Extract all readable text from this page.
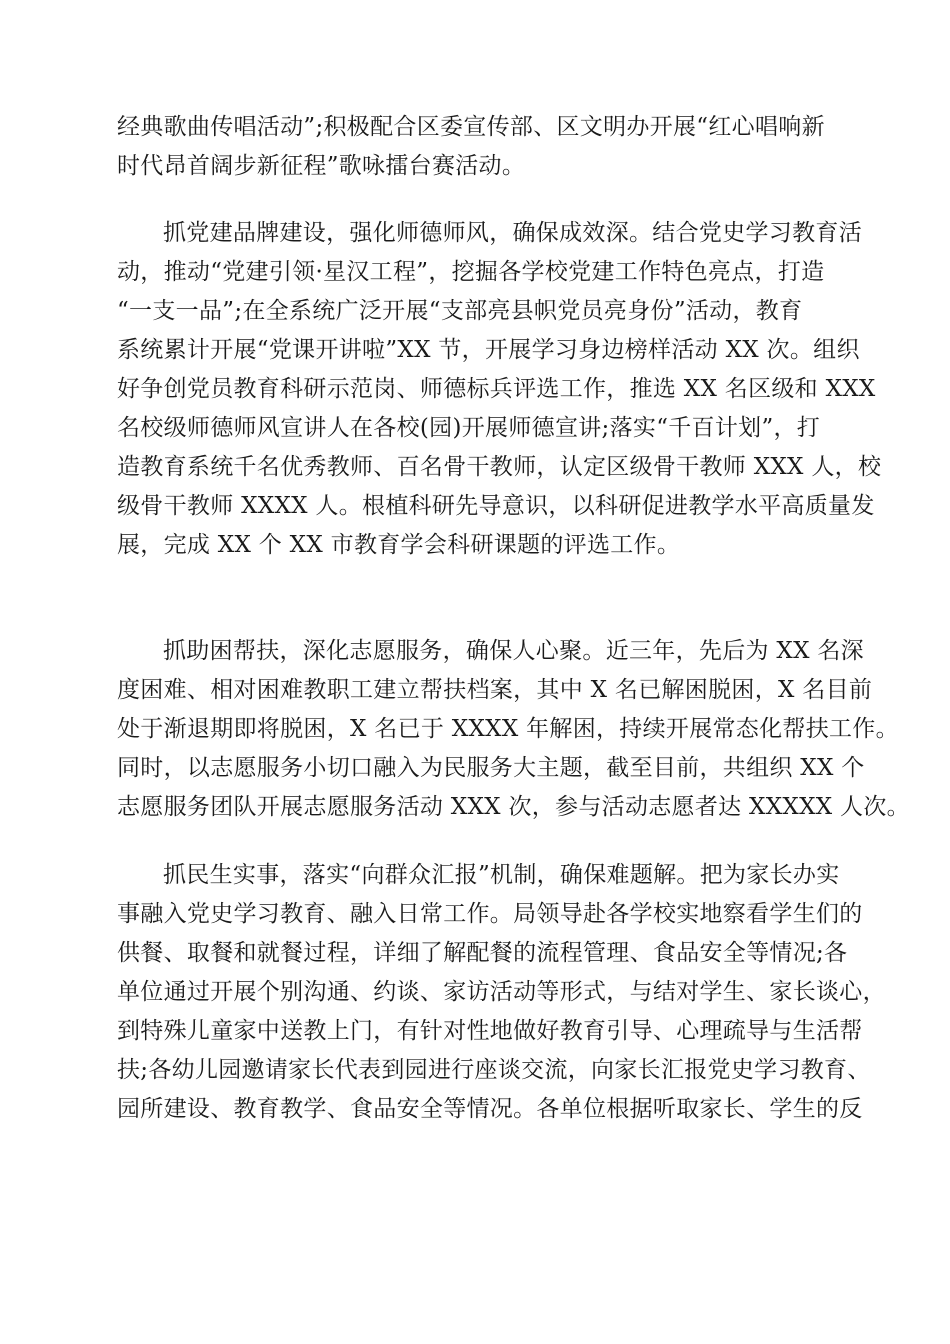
经典歌曲传唱活动”;积极配合区委宣传部、区文明办开展“红心唱响新
时代昂首阔步新征程”歌咏擂台赛活动。
抓党建品牌建设，强化师德师风，确保成效深。结合党史学习教育活
动，推动“党建引领·星汉工程”，挖掘各学校党建工作特色亮点，打造
“一支一品”;在全系统广泛开展“支部亮县帜党员亮身份”活动，教育
系统累计开展“党课开讲啦”XX 节，开展学习身边榜样活动 XX 次。组织
好争创党员教育科研示范岗、师德标兵评选工作，推选 XX 名区级和 XXX
名校级师德师风宣讲人在各校(园)开展师德宣讲;落实“千百计划”，打
造教育系统千名优秀教师、百名骨干教师，认定区级骨干教师 XXX 人，校
级骨干教师 XXXX 人。根植科研先导意识，以科研促进教学水平高质量发
展，完成 XX 个 XX 市教育学会科研课题的评选工作。
抓助困帮扶，深化志愿服务，确保人心聚。近三年，先后为 XX 名深
度困难、相对困难教职工建立帮扶档案，其中 X 名已解困脱困，X 名目前
处于渐退期即将脱困，X 名已于 XXXX 年解困，持续开展常态化帮扶工作。
同时，以志愿服务小切口融入为民服务大主题，截至目前，共组织 XX 个
志愿服务团队开展志愿服务活动 XXX 次，参与活动志愿者达 XXXXX 人次。
抓民生实事，落实“向群众汇报”机制，确保难题解。把为家长办实
事融入党史学习教育、融入日常工作。局领导赴各学校实地察看学生们的
供餐、取餐和就餐过程，详细了解配餐的流程管理、食品安全等情况;各
单位通过开展个别沟通、约谈、家访活动等形式，与结对学生、家长谈心，
到特殊儿童家中送教上门，有针对性地做好教育引导、心理疏导与生活帮
扶;各幼儿园邀请家长代表到园进行座谈交流，向家长汇报党史学习教育、
园所建设、教育教学、食品安全等情况。各单位根据听取家长、学生的反
